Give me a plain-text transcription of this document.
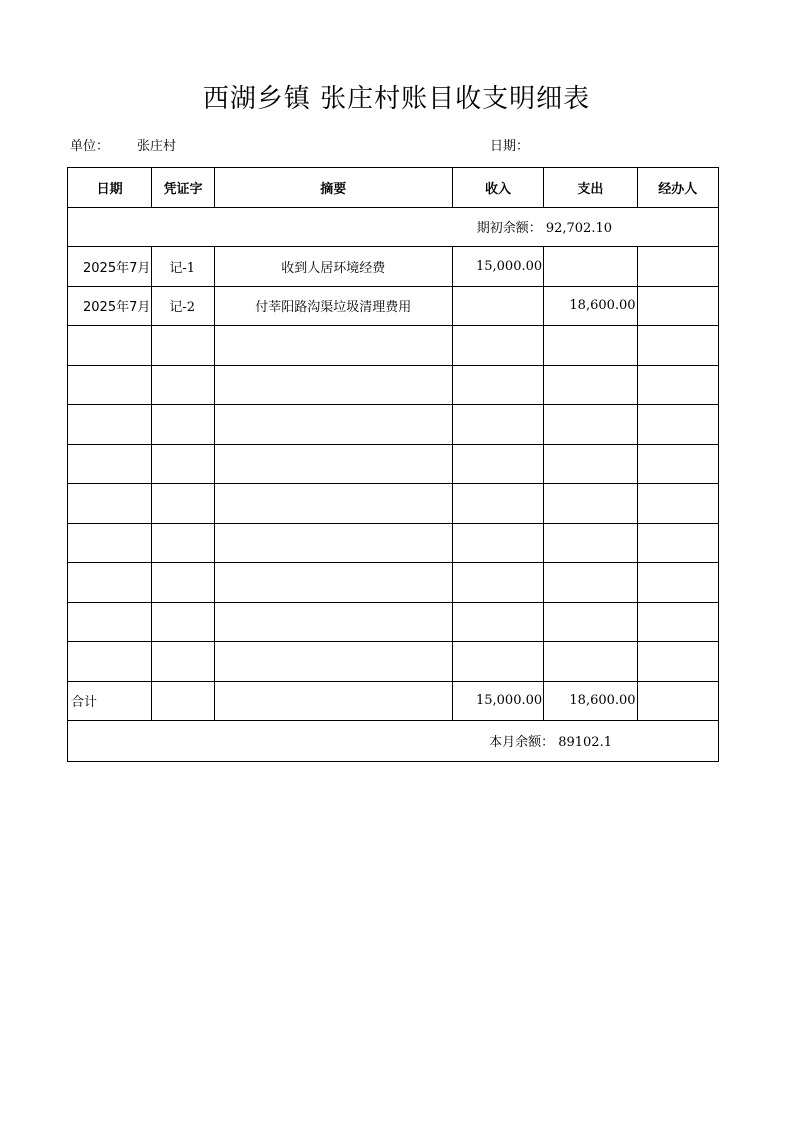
西湖乡镇 张庄村账目收支明细表
单位： 张庄村	日期：
日期	凭证字	摘要	收入	支出	经办人
期初余额： 92,702.10					
2025年7月	记-1	收到人居环境经费	15,000.00		
2025年7月	记-2	付莘阳路沟渠垃圾清理费用		18,600.00	

合计			15,000.00	18,600.00	
本月余额： 89102.1					
